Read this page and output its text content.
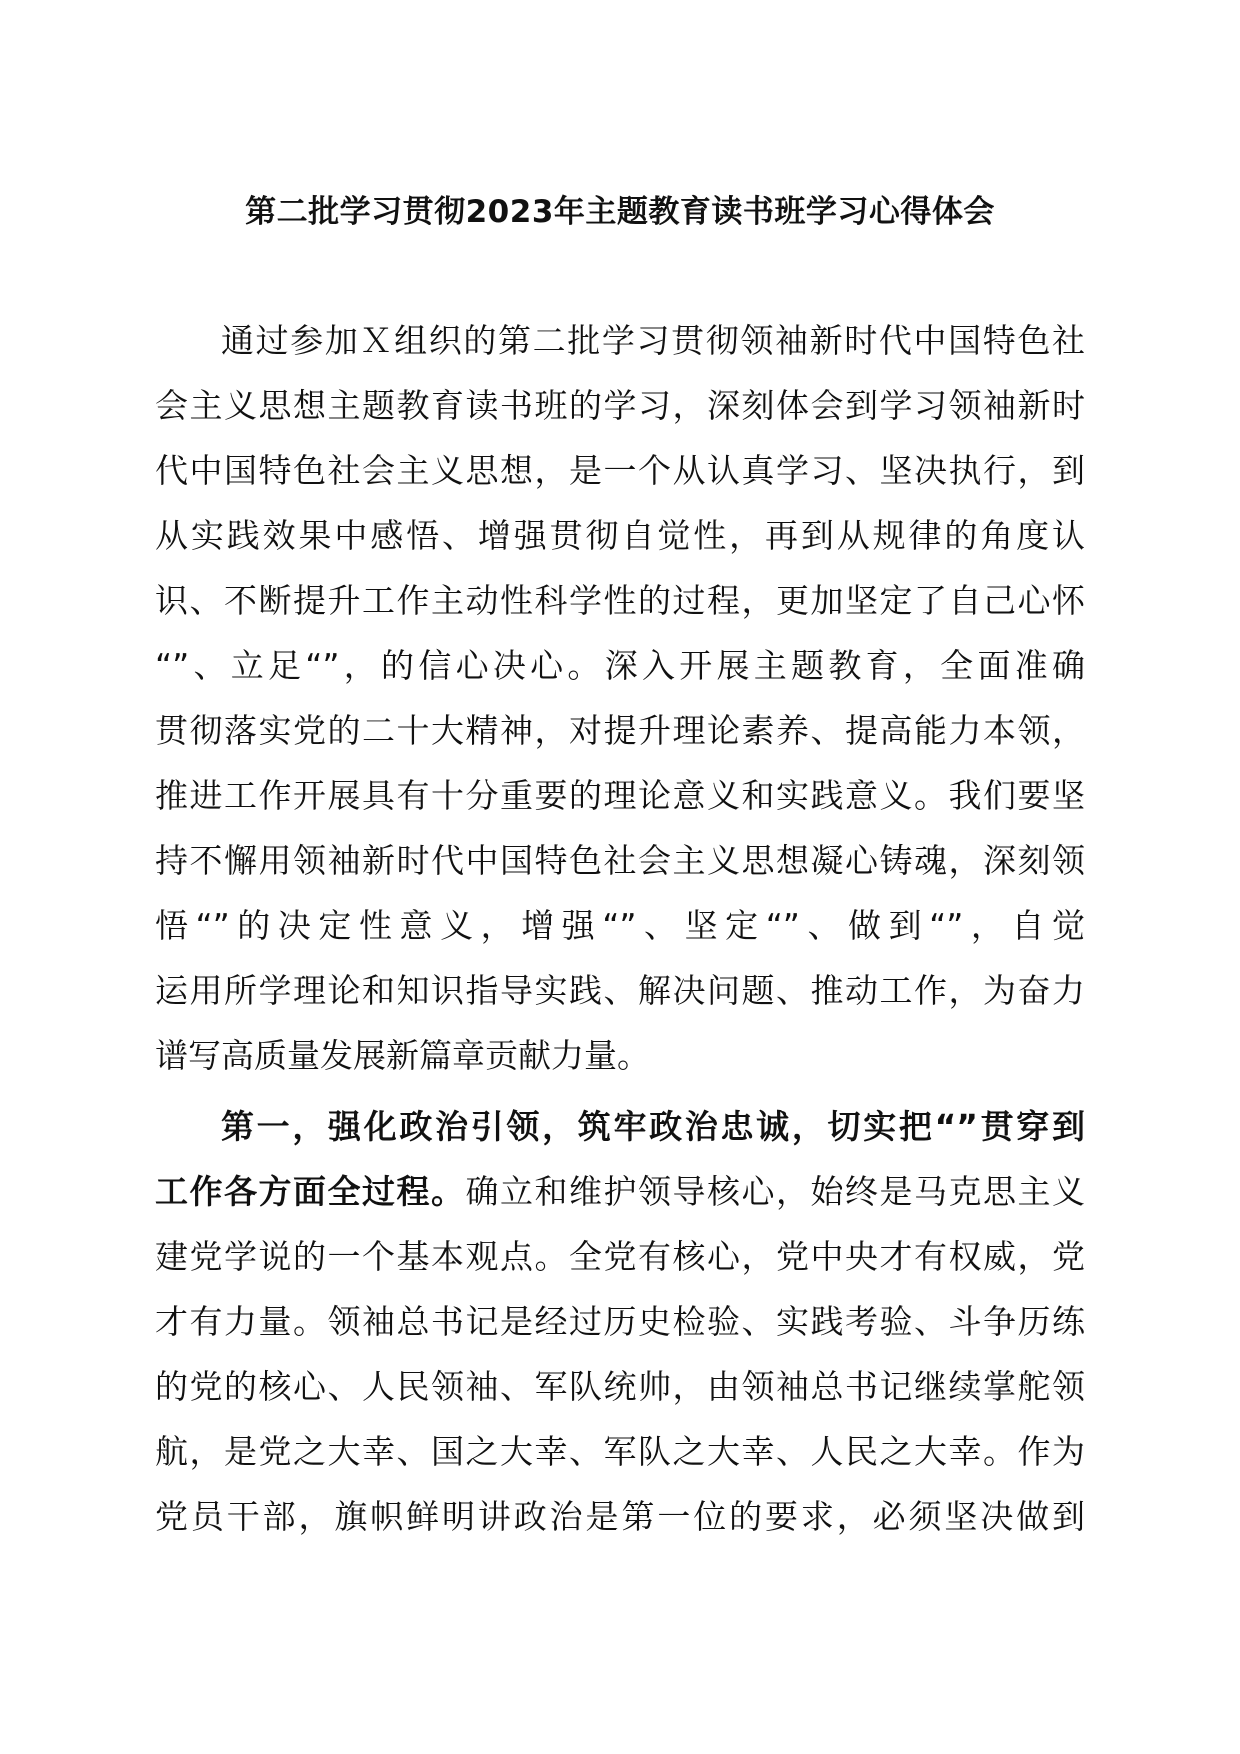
第二批学习贯彻2023年主题教育读书班学习心得体会
通过参加Ｘ组织的第二批学习贯彻领袖新时代中国特色社
会主义思想主题教育读书班的学习，深刻体会到学习领袖新时
代中国特色社会主义思想，是一个从认真学习、坚决执行，到
从实践效果中感悟、增强贯彻自觉性，再到从规律的角度认
识、不断提升工作主动性科学性的过程，更加坚定了自己心怀
“”、立足“”，的信心决心。深入开展主题教育，全面准确
贯彻落实党的二十大精神，对提升理论素养、提高能力本领，
推进工作开展具有十分重要的理论意义和实践意义。我们要坚
持不懈用领袖新时代中国特色社会主义思想凝心铸魂，深刻领
悟“”的决定性意义，增强“”、坚定“”、做到“”，自觉
运用所学理论和知识指导实践、解决问题、推动工作，为奋力
谱写高质量发展新篇章贡献力量。
第一，强化政治引领，筑牢政治忠诚，切实把“”贯穿到
工作各方面全过程。确立和维护领导核心，始终是马克思主义
建党学说的一个基本观点。全党有核心，党中央才有权威，党
才有力量。领袖总书记是经过历史检验、实践考验、斗争历练
的党的核心、人民领袖、军队统帅，由领袖总书记继续掌舵领
航，是党之大幸、国之大幸、军队之大幸、人民之大幸。作为
党员干部，旗帜鲜明讲政治是第一位的要求，必须坚决做到
